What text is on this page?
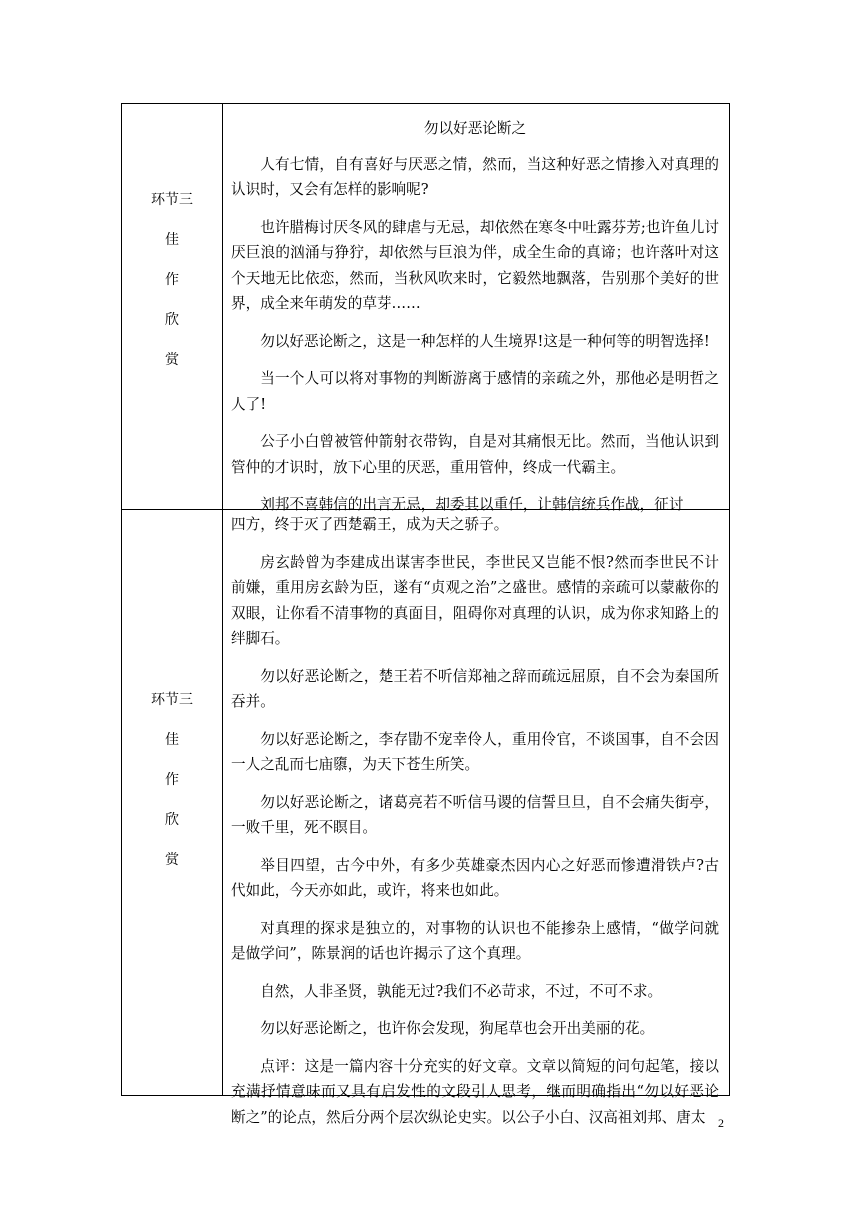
环节三
佳
作
欣
赏

勿以好恶论断之

人有七情，自有喜好与厌恶之情，然而，当这种好恶之情掺入对真理的认识时，又会有怎样的影响呢?

也许腊梅讨厌冬风的肆虐与无忌，却依然在寒冬中吐露芬芳;也许鱼儿讨厌巨浪的汹涌与狰狞，却依然与巨浪为伴，成全生命的真谛；也许落叶对这个天地无比依恋，然而，当秋风吹来时，它毅然地飘落，告别那个美好的世界，成全来年萌发的草芽……

勿以好恶论断之，这是一种怎样的人生境界!这是一种何等的明智选择!

当一个人可以将对事物的判断游离于感情的亲疏之外，那他必是明哲之人了!

公子小白曾被管仲箭射衣带钩，自是对其痛恨无比。然而，当他认识到管仲的才识时，放下心里的厌恶，重用管仲，终成一代霸主。

刘邦不喜韩信的出言无忌，却委其以重任，让韩信统兵作战，征讨

环节三
佳
作
欣
赏

四方，终于灭了西楚霸王，成为天之骄子。

房玄龄曾为李建成出谋害李世民，李世民又岂能不恨?然而李世民不计前嫌，重用房玄龄为臣，遂有“贞观之治”之盛世。感情的亲疏可以蒙蔽你的双眼，让你看不清事物的真面目，阻碍你对真理的认识，成为你求知路上的绊脚石。

勿以好恶论断之，楚王若不听信郑袖之辞而疏远屈原，自不会为秦国所吞并。

勿以好恶论断之，李存勖不宠幸伶人，重用伶官，不谈国事，自不会因一人之乱而七庙隳，为天下苍生所笑。

勿以好恶论断之，诸葛亮若不听信马谡的信誓旦旦，自不会痛失街亭，一败千里，死不瞑目。

举目四望，古今中外，有多少英雄豪杰因内心之好恶而惨遭滑铁卢?古代如此，今天亦如此，或许，将来也如此。

对真理的探求是独立的，对事物的认识也不能掺杂上感情，“做学问就是做学问”，陈景润的话也许揭示了这个真理。

自然，人非圣贤，孰能无过?我们不必苛求，不过，不可不求。

勿以好恶论断之，也许你会发现，狗尾草也会开出美丽的花。

点评：这是一篇内容十分充实的好文章。文章以简短的问句起笔，接以充满抒情意味而又具有启发性的文段引人思考，继而明确指出“勿以好恶论断之”的论点，然后分两个层次纵论史实。以公子小白、汉高祖刘邦、唐太	2
